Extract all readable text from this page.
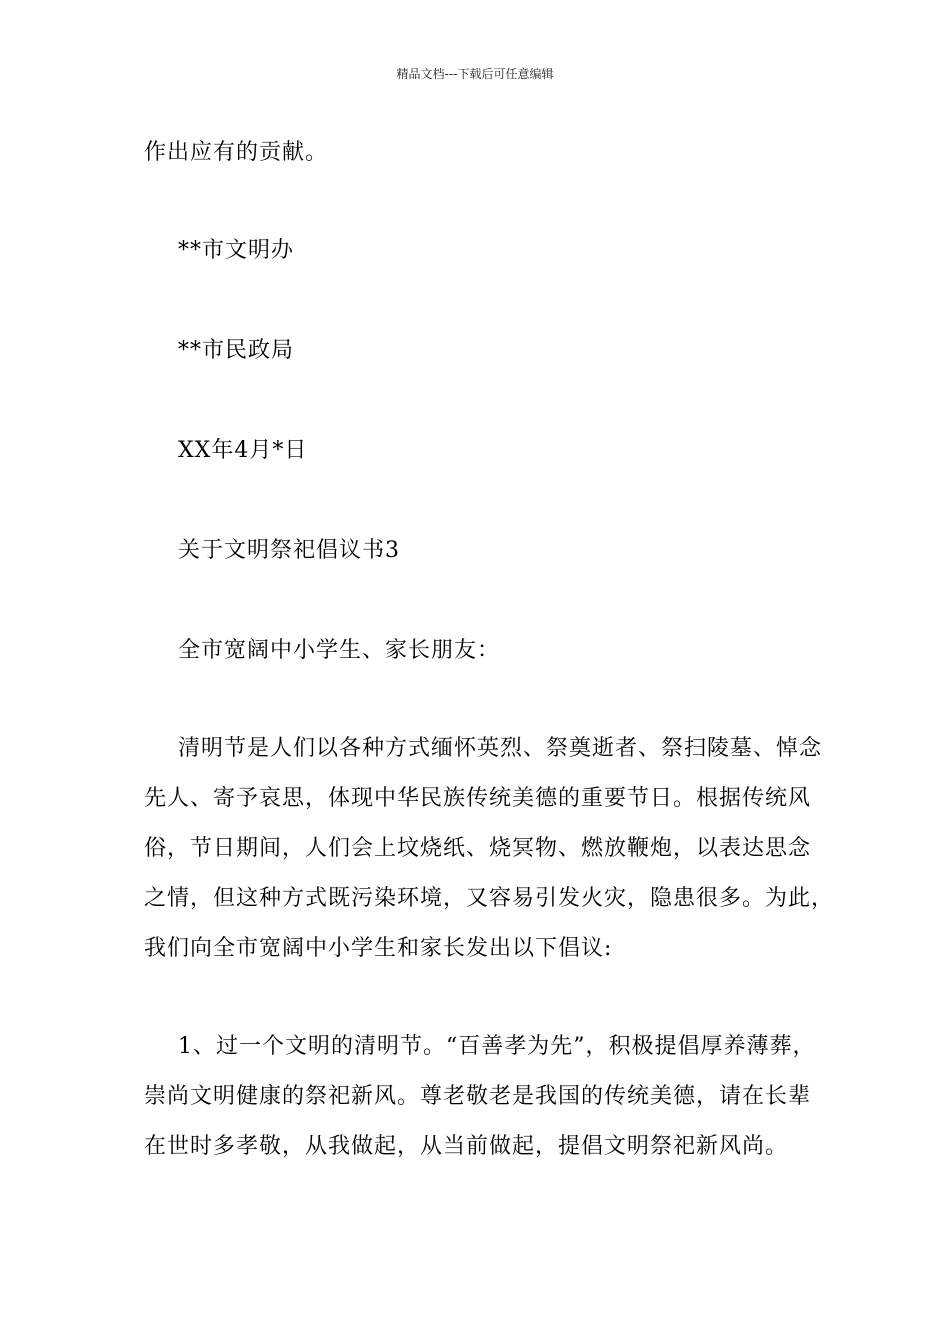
精品文档---下载后可任意编辑
作出应有的贡献。
**市文明办
**市民政局
XX年4月*日
关于文明祭祀倡议书3
全市宽阔中小学生、家长朋友：
清明节是人们以各种方式缅怀英烈、祭奠逝者、祭扫陵墓、悼念
先人、寄予哀思，体现中华民族传统美德的重要节日。根据传统风
俗，节日期间，人们会上坟烧纸、烧冥物、燃放鞭炮，以表达思念
之情，但这种方式既污染环境，又容易引发火灾，隐患很多。为此，
我们向全市宽阔中小学生和家长发出以下倡议:
1、过一个文明的清明节。“百善孝为先”，积极提倡厚养薄葬，
崇尚文明健康的祭祀新风。尊老敬老是我国的传统美德，请在长辈
在世时多孝敬，从我做起，从当前做起，提倡文明祭祀新风尚。
